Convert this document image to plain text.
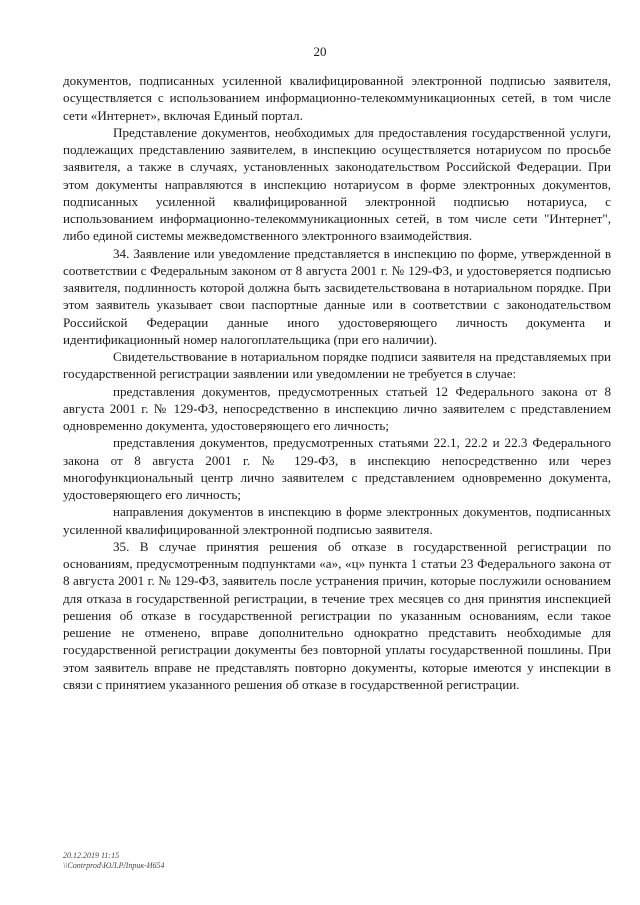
20

документов, подписанных усиленной квалифицированной электронной подписью заявителя, осуществляется с использованием информационно-телекоммуникационных сетей, в том числе сети «Интернет», включая Единый портал.

Представление документов, необходимых для предоставления государственной услуги, подлежащих представлению заявителем, в инспекцию осуществляется нотариусом по просьбе заявителя, а также в случаях, установленных законодательством Российской Федерации. При этом документы направляются в инспекцию нотариусом в форме электронных документов, подписанных усиленной квалифицированной электронной подписью нотариуса, с использованием информационно-телекоммуникационных сетей, в том числе сети "Интернет", либо единой системы межведомственного электронного взаимодействия.

34. Заявление или уведомление представляется в инспекцию по форме, утвержденной в соответствии с Федеральным законом от 8 августа 2001 г. № 129-ФЗ, и удостоверяется подписью заявителя, подлинность которой должна быть засвидетельствована в нотариальном порядке. При этом заявитель указывает свои паспортные данные или в соответствии с законодательством Российской Федерации данные иного удостоверяющего личность документа и идентификационный номер налогоплательщика (при его наличии).

Свидетельствование в нотариальном порядке подписи заявителя на представляемых при государственной регистрации заявлении или уведомлении не требуется в случае:

представления документов, предусмотренных статьей 12 Федерального закона от 8 августа 2001 г. № 129-ФЗ, непосредственно в инспекцию лично заявителем с представлением одновременно документа, удостоверяющего его личность;

представления документов, предусмотренных статьями 22.1, 22.2 и 22.3 Федерального закона от 8 августа 2001 г. № 129-ФЗ, в инспекцию непосредственно или через многофункциональный центр лично заявителем с представлением одновременно документа, удостоверяющего его личность;

направления документов в инспекцию в форме электронных документов, подписанных усиленной квалифицированной электронной подписью заявителя.

35. В случае принятия решения об отказе в государственной регистрации по основаниям, предусмотренным подпунктами «а», «ц» пункта 1 статьи 23 Федерального закона от 8 августа 2001 г. № 129-ФЗ, заявитель после устранения причин, которые послужили основанием для отказа в государственной регистрации, в течение трех месяцев со дня принятия инспекцией решения об отказе в государственной регистрации по указанным основаниям, если такое решение не отменено, вправе дополнительно однократно представить необходимые для государственной регистрации документы без повторной уплаты государственной пошлины. При этом заявитель вправе не представлять повторно документы, которые имеются у инспекции в связи с принятием указанного решения об отказе в государственной регистрации.

20.12.2019 11:15
\\Contrprod\ЮЛ.РЛприк-И654
